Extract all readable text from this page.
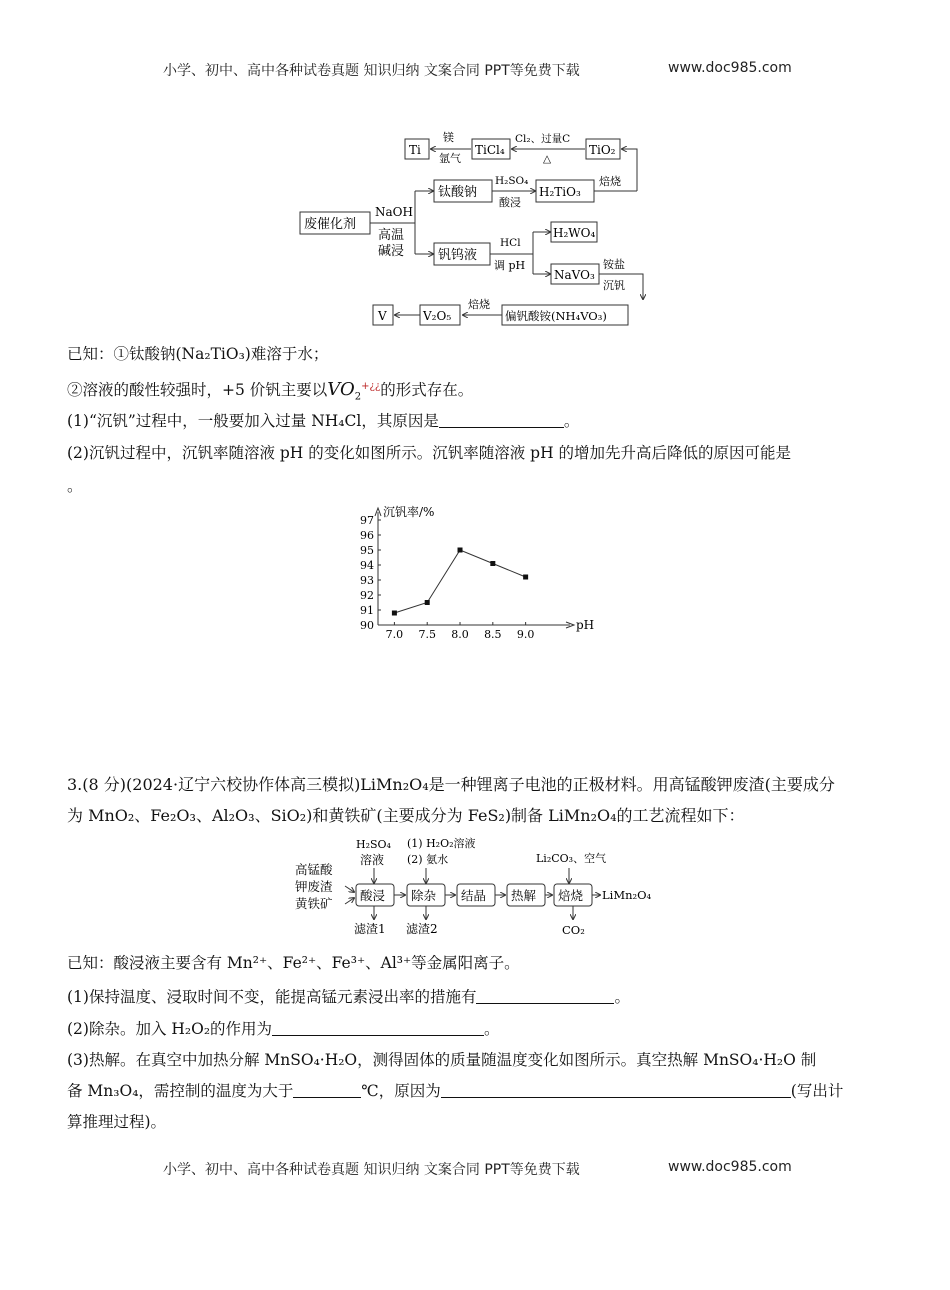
小学、初中、高中各种试卷真题 知识归纳 文案合同 PPT等免费下载	www.doc985.com
Ti
镁
氩气
TiCl₄
Cl₂、过量C
△
TiO₂
废催化剂
NaOH
高温
碱浸
钛酸钠
H₂SO₄
酸浸
H₂TiO₃
焙烧
钒钨液
HCl
调 pH
H₂WO₄
NaVO₃
铵盐
沉钒
偏钒酸铵(NH₄VO₃)
焙烧
V₂O₅
V
已知：①钛酸钠(Na₂TiO₃)难溶于水；
②溶液的酸性较强时，+5 价钒主要以$VO_2^{+¿¿}$的形式存在。
(1)“沉钒”过程中，一般要加入过量 NH₄Cl，其原因是	。
(2)沉钒过程中，沉钒率随溶液 pH 的变化如图所示。沉钒率随溶液 pH 的增加先升高后降低的原因可能是
。
90
91
92
93
94
95
96
97
7.0 7.5 8.0 8.5 9.0
沉钒率/%
pH
3.(8 分)(2024·辽宁六校协作体高三模拟)LiMn₂O₄是一种锂离子电池的正极材料。用高锰酸钾废渣(主要成分
为 MnO₂、Fe₂O₃、Al₂O₃、SiO₂)和黄铁矿(主要成分为 FeS₂)制备 LiMn₂O₄的工艺流程如下：
H₂SO₄
溶液
(1) H₂O₂溶液
(2) 氨水	Li₂CO₃、空气
高锰酸
钾废渣
黄铁矿
酸浸 除杂 结晶 热解 焙烧 LiMn₂O₄
滤渣1 滤渣2	CO₂
已知：酸浸液主要含有 Mn²⁺、Fe²⁺、Fe³⁺、Al³⁺等金属阳离子。
(1)保持温度、浸取时间不变，能提高锰元素浸出率的措施有	。
(2)除杂。加入 H₂O₂的作用为	。
(3)热解。在真空中加热分解 MnSO₄·H₂O，测得固体的质量随温度变化如图所示。真空热解 MnSO₄·H₂O 制
备 Mn₃O₄，需控制的温度为大于	℃，原因为	(写出计
算推理过程)。
小学、初中、高中各种试卷真题 知识归纳 文案合同 PPT等免费下载	www.doc985.com
